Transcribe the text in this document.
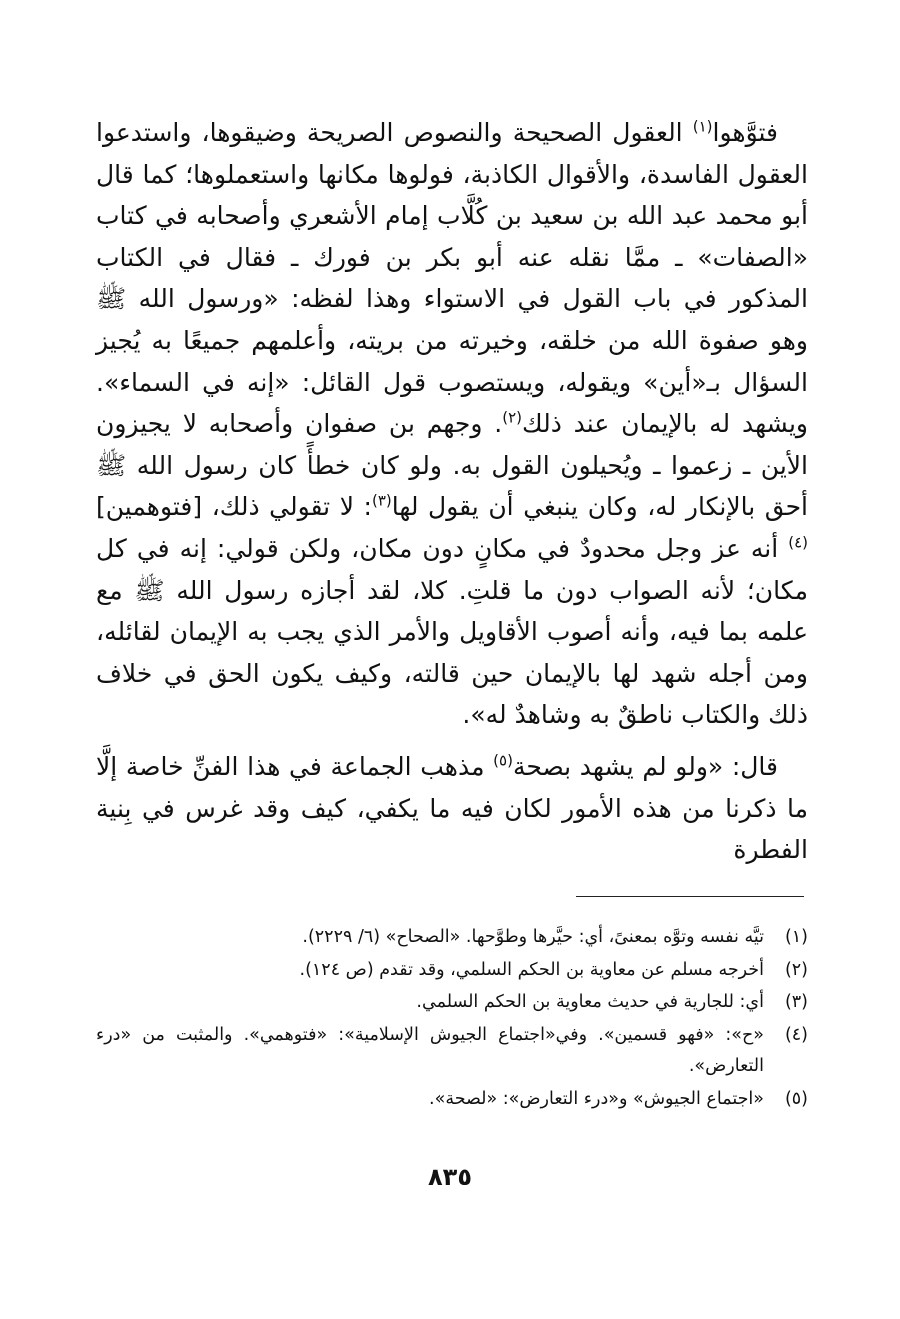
فتوَّهوا$^{(١)}$ العقول الصحيحة والنصوص الصريحة وضيقوها، واستدعوا العقول الفاسدة، والأقوال الكاذبة، فولوها مكانها واستعملوها؛ كما قال أبو محمد عبد الله بن سعيد بن كُلَّاب إمام الأشعري وأصحابه في كتاب «الصفات» ـ ممَّا نقله عنه أبو بكر بن فورك ـ فقال في الكتاب المذكور في باب القول في الاستواء وهذا لفظه: «ورسول الله ﷺ وهو صفوة الله من خلقه، وخيرته من بريته، وأعلمهم جميعًا به يُجيز السؤال بـ«أين» ويقوله، ويستصوب قول القائل: «إنه في السماء». ويشهد له بالإيمان عند ذلك$^{(٢)}$. وجهم بن صفوان وأصحابه لا يجيزون الأين ـ زعموا ـ ويُحيلون القول به. ولو كان خطأً كان رسول الله ﷺ أحق بالإنكار له، وكان ينبغي أن يقول لها$^{(٣)}$: لا تقولي ذلك، [فتوهمين]$^{(٤)}$ أنه عز وجل محدودٌ في مكانٍ دون مكان، ولكن قولي: إنه في كل مكان؛ لأنه الصواب دون ما قلتِ. كلا، لقد أجازه رسول الله ﷺ مع علمه بما فيه، وأنه أصوب الأقاويل والأمر الذي يجب به الإيمان لقائله، ومن أجله شهد لها بالإيمان حين قالته، وكيف يكون الحق في خلاف ذلك والكتاب ناطقٌ به وشاهدٌ له».

قال: «ولو لم يشهد بصحة$^{(٥)}$ مذهب الجماعة في هذا الفنِّ خاصة إلَّا ما ذكرنا من هذه الأمور لكان فيه ما يكفي، كيف وقد غرس في بِنية الفطرة

(١)
تيَّه نفسه وتوَّه بمعنىً، أي: حيَّرها وطوَّحها. «الصحاح» (٦/ ٢٢٢٩).
(٢)
أخرجه مسلم عن معاوية بن الحكم السلمي، وقد تقدم (ص ١٢٤).
(٣)
أي: للجارية في حديث معاوية بن الحكم السلمي.
(٤)
«ح»: «فهو قسمين». وفي«اجتماع الجيوش الإسلامية»: «فتوهمي». والمثبت من «درء التعارض».
(٥)
«اجتماع الجيوش» و«درء التعارض»: «لصحة».
٨٣٥
